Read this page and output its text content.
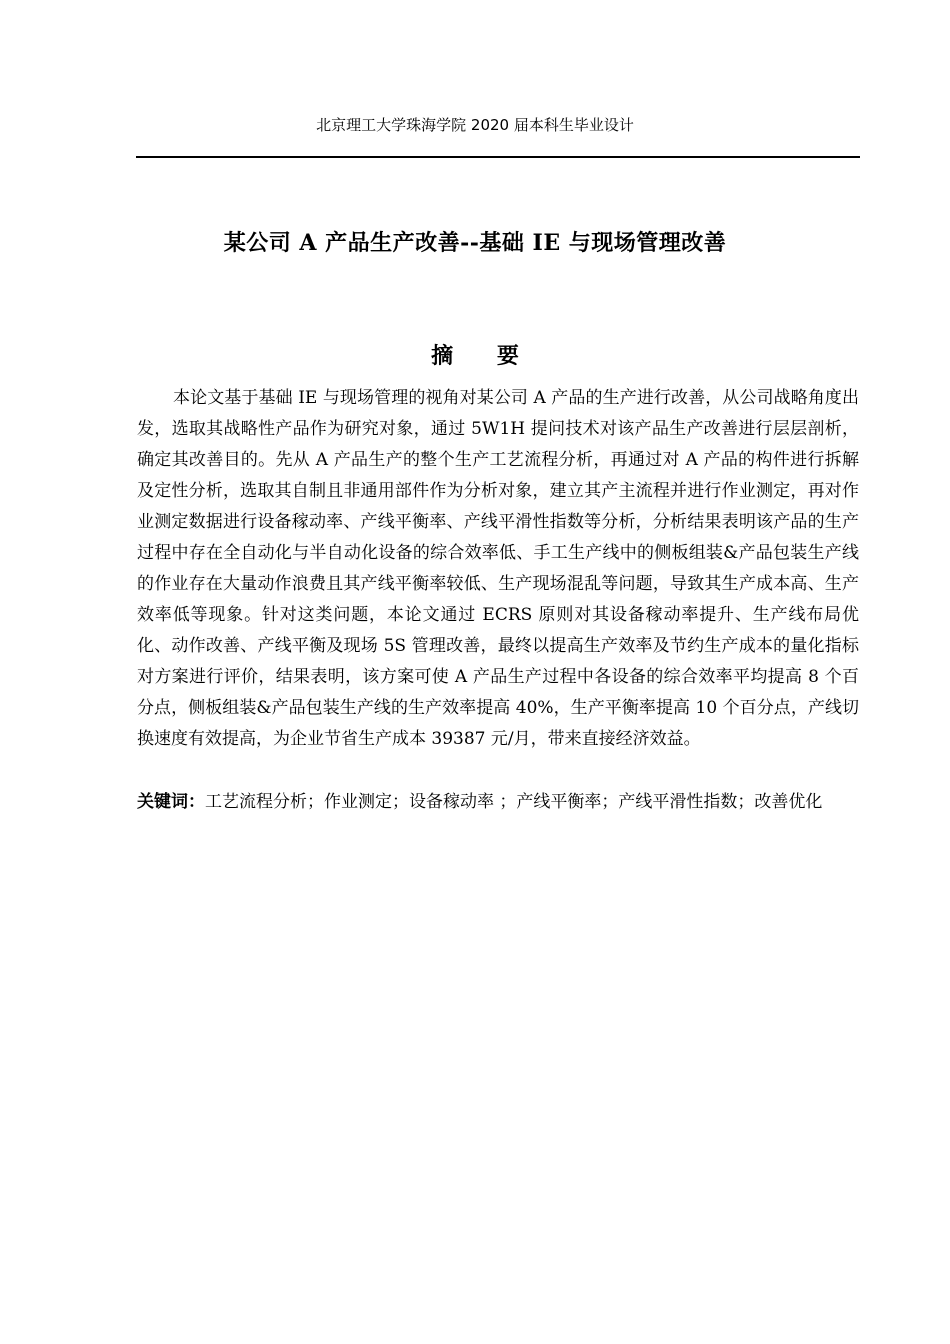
北京理工大学珠海学院 2020 届本科生毕业设计
某公司 A 产品生产改善--基础 IE 与现场管理改善
摘 要

本论文基于基础 IE 与现场管理的视角对某公司 A 产品的生产进行改善，从公司战略角度出发，选取其战略性产品作为研究对象，通过 5W1H 提问技术对该产品生产改善进行层层剖析，确定其改善目的。先从 A 产品生产的整个生产工艺流程分析，再通过对 A 产品的构件进行拆解及定性分析，选取其自制且非通用部件作为分析对象，建立其产主流程并进行作业测定，再对作业测定数据进行设备稼动率、产线平衡率、产线平滑性指数等分析，分析结果表明该产品的生产过程中存在全自动化与半自动化设备的综合效率低、手工生产线中的侧板组装&产品包装生产线的作业存在大量动作浪费且其产线平衡率较低、生产现场混乱等问题，导致其生产成本高、生产效率低等现象。针对这类问题，本论文通过 ECRS 原则对其设备稼动率提升、生产线布局优化、动作改善、产线平衡及现场 5S 管理改善，最终以提高生产效率及节约生产成本的量化指标对方案进行评价，结果表明，该方案可使 A 产品生产过程中各设备的综合效率平均提高 8 个百分点，侧板组装&产品包装生产线的生产效率提高 40%，生产平衡率提高 10 个百分点，产线切换速度有效提高，为企业节省生产成本 39387 元/月，带来直接经济效益。

关键词：工艺流程分析；作业测定；设备稼动率 ；产线平衡率；产线平滑性指数；改善优化
